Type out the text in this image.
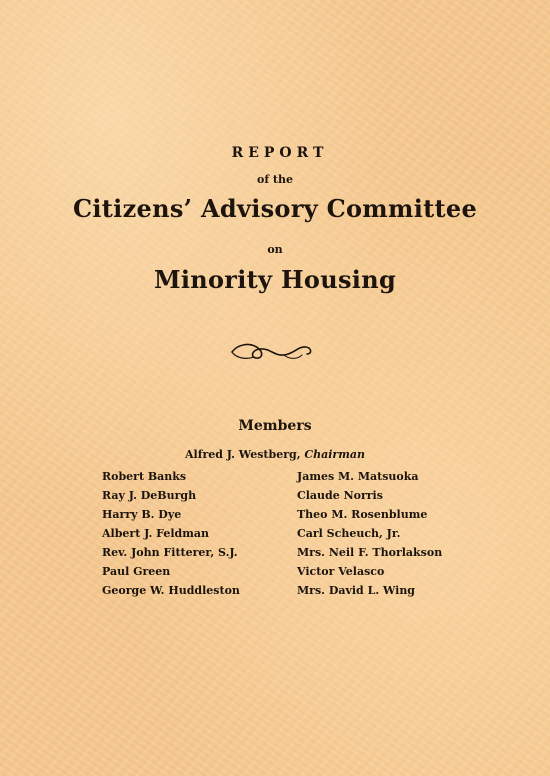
REPORT
of the
Citizens’ Advisory Committee
on
Minority Housing
Members
Alfred J. Westberg, Chairman
Robert Banks
Ray J. DeBurgh
Harry B. Dye
Albert J. Feldman
Rev. John Fitterer, S.J.
Paul Green
George W. Huddleston
James M. Matsuoka
Claude Norris
Theo M. Rosenblume
Carl Scheuch, Jr.
Mrs. Neil F. Thorlakson
Victor Velasco
Mrs. David L. Wing
